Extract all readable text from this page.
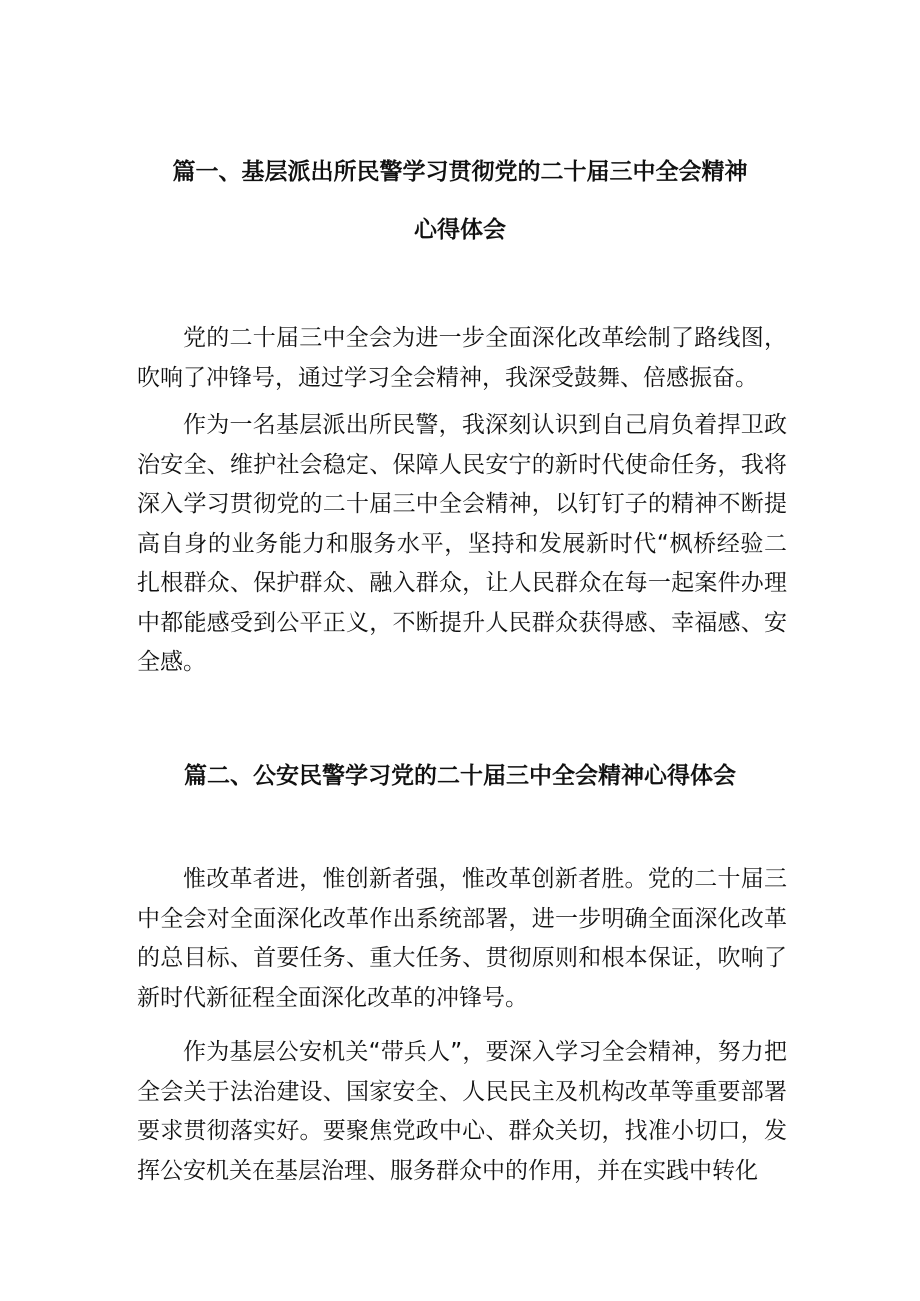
篇一、基层派出所民警学习贯彻党的二十届三中全会精神
心得体会

党的二十届三中全会为进一步全面深化改革绘制了路线图，吹响了冲锋号，通过学习全会精神，我深受鼓舞、倍感振奋。

作为一名基层派出所民警，我深刻认识到自己肩负着捍卫政治安全、维护社会稳定、保障人民安宁的新时代使命任务，我将深入学习贯彻党的二十届三中全会精神，以钉钉子的精神不断提高自身的业务能力和服务水平，坚持和发展新时代“枫桥经验二扎根群众、保护群众、融入群众，让人民群众在每一起案件办理中都能感受到公平正义，不断提升人民群众获得感、幸福感、安全感。

篇二、公安民警学习党的二十届三中全会精神心得体会

惟改革者进，惟创新者强，惟改革创新者胜。党的二十届三中全会对全面深化改革作出系统部署，进一步明确全面深化改革的总目标、首要任务、重大任务、贯彻原则和根本保证，吹响了新时代新征程全面深化改革的冲锋号。

作为基层公安机关“带兵人”，要深入学习全会精神，努力把全会关于法治建设、国家安全、人民民主及机构改革等重要部署要求贯彻落实好。要聚焦党政中心、群众关切，找准小切口，发挥公安机关在基层治理、服务群众中的作用，并在实践中转化
